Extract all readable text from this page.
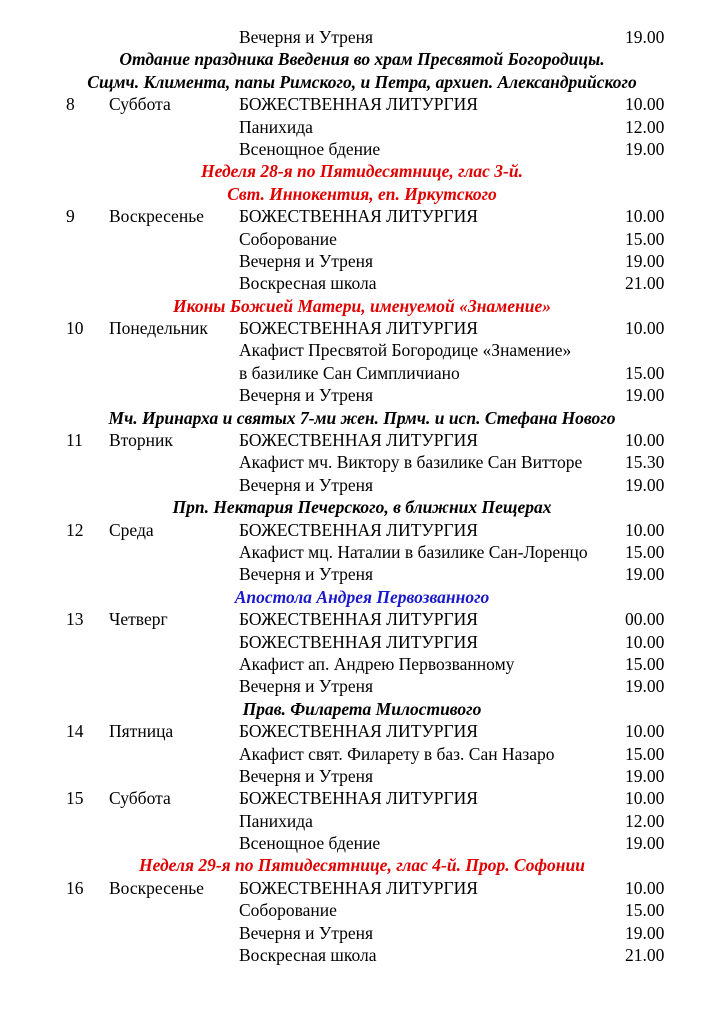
Вечерня и Утреня	19.00
Отдание праздника Введения во храм Пресвятой Богородицы.
Сщмч. Климента, папы Римского, и Петра, архиеп. Александрийского
8 Суббота	БОЖЕСТВЕННАЯ ЛИТУРГИЯ	10.00
Панихида	12.00
Всенощное бдение	19.00
Неделя 28-я по Пятидесятнице, глас 3-й.
Свт. Иннокентия, еп. Иркутского
9 Воскресенье БОЖЕСТВЕННАЯ ЛИТУРГИЯ	10.00
Соборование	15.00
Вечерня и Утреня	19.00
Воскресная школа	21.00
Иконы Божией Матери, именуемой «Знамение»
10 Понедельник БОЖЕСТВЕННАЯ ЛИТУРГИЯ	10.00
Акафист Пресвятой Богородице «Знамение»
в базилике Сан Симпличиано	15.00
Вечерня и Утреня	19.00
Мч. Иринарха и святых 7-ми жен. Прмч. и исп. Стефана Нового
11 Вторник	БОЖЕСТВЕННАЯ ЛИТУРГИЯ	10.00
Акафист мч. Виктору в базилике Сан Витторе 15.30
Вечерня и Утреня	19.00
Прп. Нектария Печерского, в ближних Пещерах
12 Среда	БОЖЕСТВЕННАЯ ЛИТУРГИЯ	10.00
Акафист мц. Наталии в базилике Сан-Лоренцо 15.00
Вечерня и Утреня	19.00
Апостола Андрея Первозванного
13 Четверг	БОЖЕСТВЕННАЯ ЛИТУРГИЯ	00.00
БОЖЕСТВЕННАЯ ЛИТУРГИЯ	10.00
Акафист ап. Андрею Первозванному	15.00
Вечерня и Утреня	19.00
Прав. Филарета Милостивого
14 Пятница	БОЖЕСТВЕННАЯ ЛИТУРГИЯ	10.00
Акафист свят. Филарету в баз. Сан Назаро	15.00
Вечерня и Утреня	19.00
15 Суббота	БОЖЕСТВЕННАЯ ЛИТУРГИЯ	10.00
Панихида	12.00
Всенощное бдение	19.00
Неделя 29-я по Пятидесятнице, глас 4-й. Прор. Софонии
16 Воскресенье БОЖЕСТВЕННАЯ ЛИТУРГИЯ	10.00
Соборование	15.00
Вечерня и Утреня	19.00
Воскресная школа	21.00
